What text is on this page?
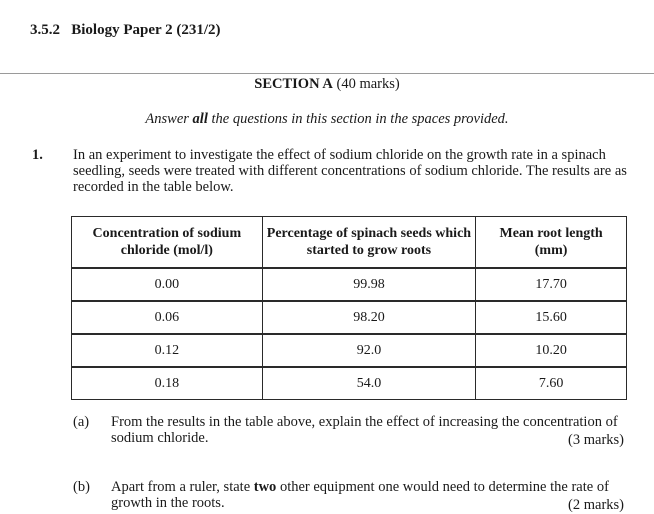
3.5.2   Biology Paper 2 (231/2)
SECTION A (40 marks)
Answer all the questions in this section in the spaces provided.
1. In an experiment to investigate the effect of sodium chloride on the growth rate in a spinach seedling, seeds were treated with different concentrations of sodium chloride. The results are as recorded in the table below.
Concentration of sodium chloride (mol/l)	Percentage of spinach seeds which started to grow roots	Mean root length (mm)
0.00	99.98	17.70
0.06	98.20	15.60
0.12	92.0	10.20
0.18	54.0	7.60
(a) From the results in the table above, explain the effect of increasing the concentration of sodium chloride.	(3 marks)
(b) Apart from a ruler, state two other equipment one would need to determine the rate of growth in the roots.	(2 marks)
